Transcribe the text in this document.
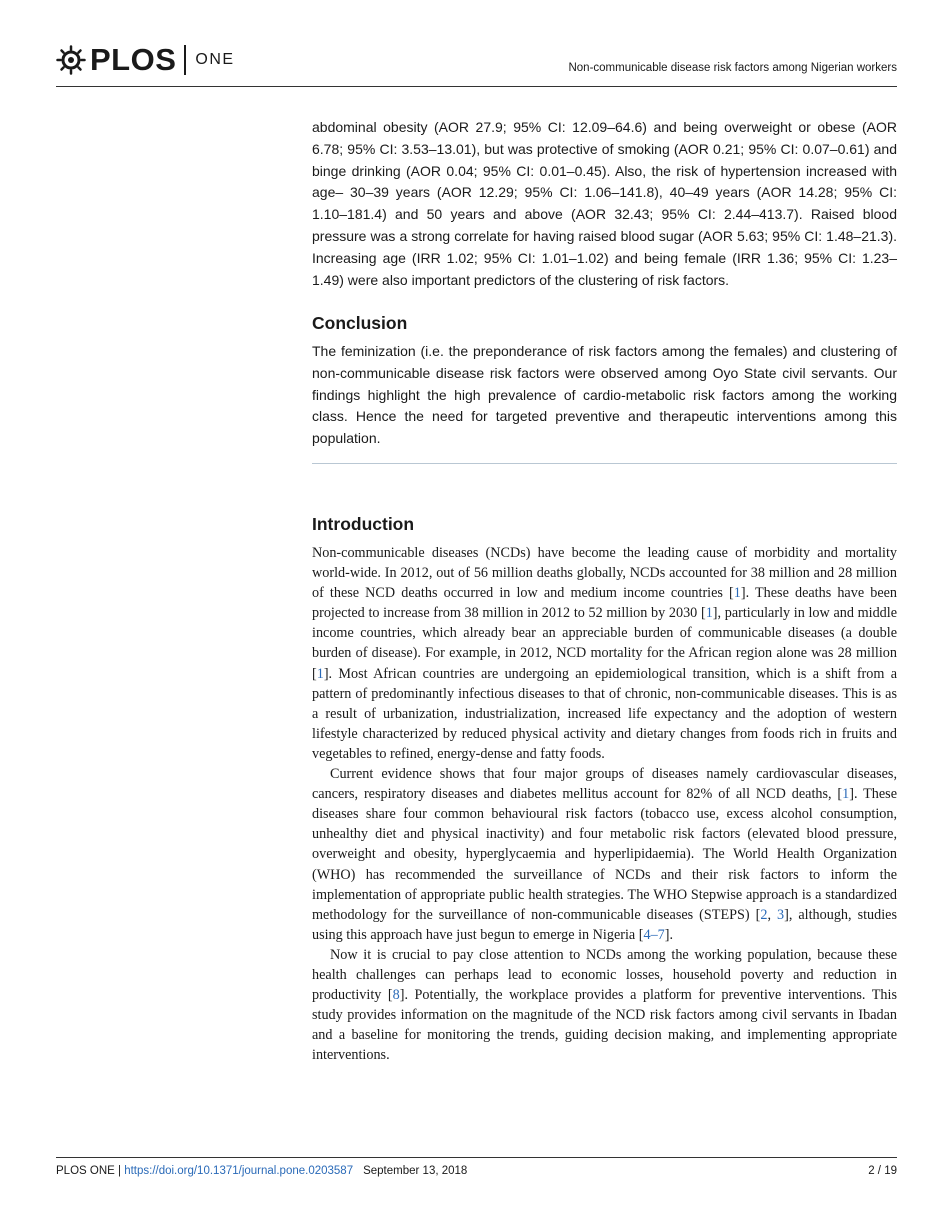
PLOS ONE	Non-communicable disease risk factors among Nigerian workers

abdominal obesity (AOR 27.9; 95% CI: 12.09–64.6) and being overweight or obese (AOR 6.78; 95% CI: 3.53–13.01), but was protective of smoking (AOR 0.21; 95% CI: 0.07–0.61) and binge drinking (AOR 0.04; 95% CI: 0.01–0.45). Also, the risk of hypertension increased with age– 30–39 years (AOR 12.29; 95% CI: 1.06–141.8), 40–49 years (AOR 14.28; 95% CI: 1.10–181.4) and 50 years and above (AOR 32.43; 95% CI: 2.44–413.7). Raised blood pressure was a strong correlate for having raised blood sugar (AOR 5.63; 95% CI: 1.48–21.3). Increasing age (IRR 1.02; 95% CI: 1.01–1.02) and being female (IRR 1.36; 95% CI: 1.23–1.49) were also important predictors of the clustering of risk factors.

Conclusion

The feminization (i.e. the preponderance of risk factors among the females) and clustering of non-communicable disease risk factors were observed among Oyo State civil servants. Our findings highlight the high prevalence of cardio-metabolic risk factors among the working class. Hence the need for targeted preventive and therapeutic interventions among this population.

Introduction

Non-communicable diseases (NCDs) have become the leading cause of morbidity and mortality world-wide. In 2012, out of 56 million deaths globally, NCDs accounted for 38 million and 28 million of these NCD deaths occurred in low and medium income countries [1]. These deaths have been projected to increase from 38 million in 2012 to 52 million by 2030 [1], particularly in low and middle income countries, which already bear an appreciable burden of communicable diseases (a double burden of disease). For example, in 2012, NCD mortality for the African region alone was 28 million [1]. Most African countries are undergoing an epidemiological transition, which is a shift from a pattern of predominantly infectious diseases to that of chronic, non-communicable diseases. This is as a result of urbanization, industrialization, increased life expectancy and the adoption of western lifestyle characterized by reduced physical activity and dietary changes from foods rich in fruits and vegetables to refined, energy-dense and fatty foods.

Current evidence shows that four major groups of diseases namely cardiovascular diseases, cancers, respiratory diseases and diabetes mellitus account for 82% of all NCD deaths, [1]. These diseases share four common behavioural risk factors (tobacco use, excess alcohol consumption, unhealthy diet and physical inactivity) and four metabolic risk factors (elevated blood pressure, overweight and obesity, hyperglycaemia and hyperlipidaemia). The World Health Organization (WHO) has recommended the surveillance of NCDs and their risk factors to inform the implementation of appropriate public health strategies. The WHO Stepwise approach is a standardized methodology for the surveillance of non-communicable diseases (STEPS) [2, 3], although, studies using this approach have just begun to emerge in Nigeria [4–7].

Now it is crucial to pay close attention to NCDs among the working population, because these health challenges can perhaps lead to economic losses, household poverty and reduction in productivity [8]. Potentially, the workplace provides a platform for preventive interventions. This study provides information on the magnitude of the NCD risk factors among civil servants in Ibadan and a baseline for monitoring the trends, guiding decision making, and implementing appropriate interventions.

PLOS ONE | https://doi.org/10.1371/journal.pone.0203587 September 13, 2018	2 / 19
